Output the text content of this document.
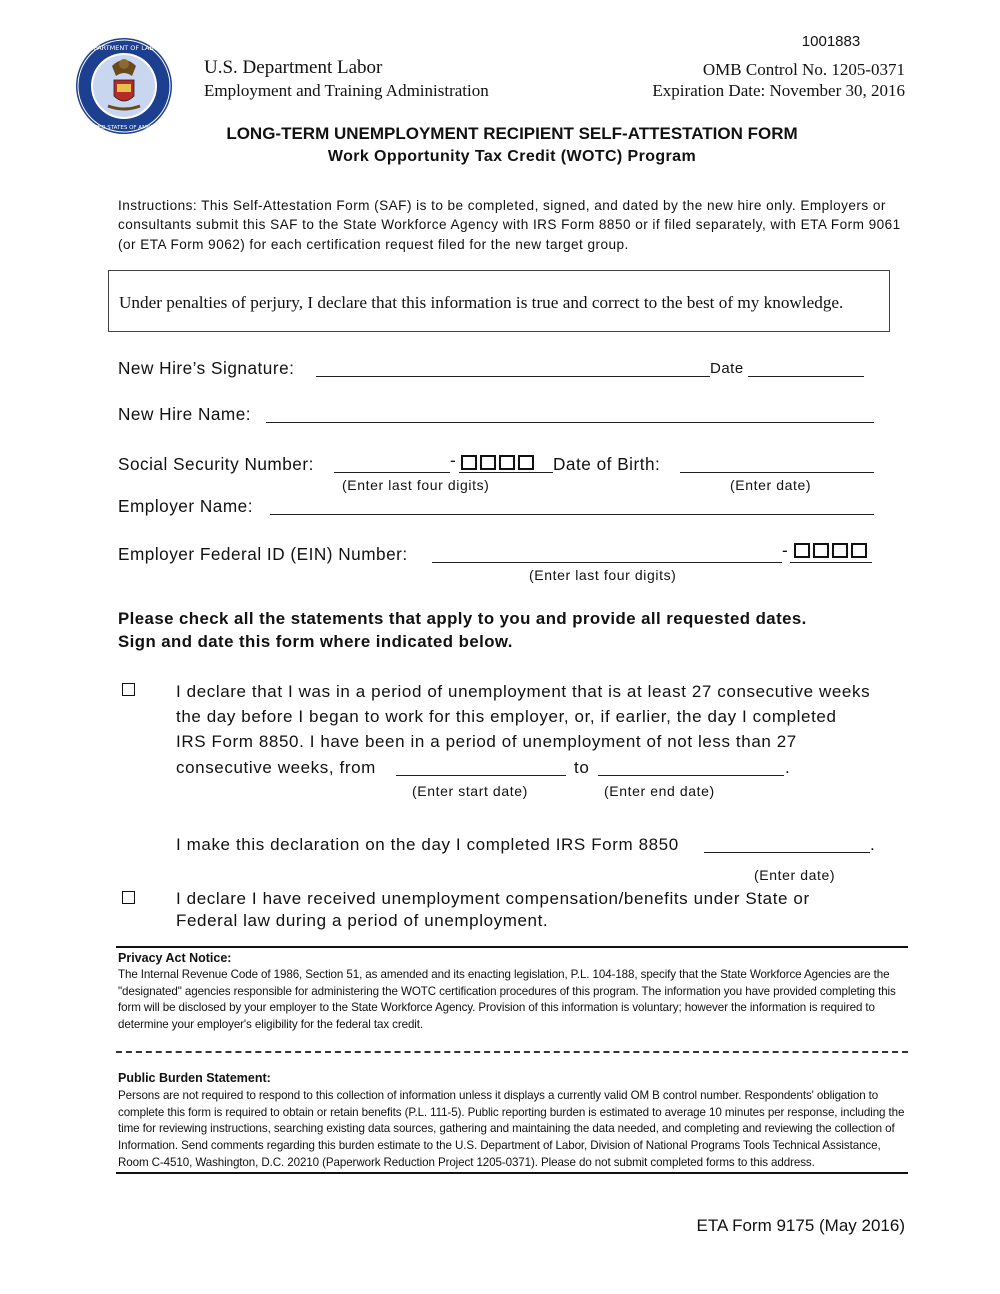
DEPARTMENT OF LABOR
UNITED STATES OF AMERICA
1001883
U.S. Department Labor
Employment and Training Administration
OMB Control No. 1205-0371
Expiration Date: November 30, 2016
LONG-TERM UNEMPLOYMENT RECIPIENT SELF-ATTESTATION FORM
Work Opportunity Tax Credit (WOTC) Program
Instructions: This Self-Attestation Form (SAF) is to be completed, signed, and dated by the new hire only. Employers or consultants submit this SAF to the State Workforce Agency with IRS Form 8850 or if filed separately, with ETA Form 9061 (or ETA Form 9062) for each certification request filed for the new target group.
Under penalties of perjury, I declare that this information is true and correct to the best of my knowledge.
New Hire’s Signature:	Date
New Hire Name:
Social Security Number:	-	Date of Birth:
(Enter last four digits)	(Enter date)
Employer Name:
Employer Federal ID (EIN) Number:	-
(Enter last four digits)
Please check all the statements that apply to you and provide all requested dates.
Sign and date this form where indicated below.
I declare that I was in a period of unemployment that is at least 27 consecutive weeks
the day before I began to work for this employer, or, if earlier, the day I completed
IRS Form 8850. I have been in a period of unemployment of not less than 27
consecutive weeks, from	to	.
(Enter start date)	(Enter end date)
I make this declaration on the day I completed IRS Form 8850	.
(Enter date)
I declare I have received unemployment compensation/benefits under State or
Federal law during a period of unemployment.
Privacy Act Notice:
The Internal Revenue Code of 1986, Section 51, as amended and its enacting legislation, P.L. 104-188, specify that the State Workforce Agencies are the "designated" agencies responsible for administering the WOTC certification procedures of this program. The information you have provided completing this form will be disclosed by your employer to the State Workforce Agency. Provision of this information is voluntary; however the information is required to determine your employer's eligibility for the federal tax credit.
Public Burden Statement:
Persons are not required to respond to this collection of information unless it displays a currently valid OM B control number. Respondents' obligation to complete this form is required to obtain or retain benefits (P.L. 111-5). Public reporting burden is estimated to average 10 minutes per response, including the time for reviewing instructions, searching existing data sources, gathering and maintaining the data needed, and completing and reviewing the collection of Information. Send comments regarding this burden estimate to the U.S. Department of Labor, Division of National Programs Tools Technical Assistance, Room C-4510, Washington, D.C. 20210 (Paperwork Reduction Project 1205-0371). Please do not submit completed forms to this address.
ETA Form 9175 (May 2016)
